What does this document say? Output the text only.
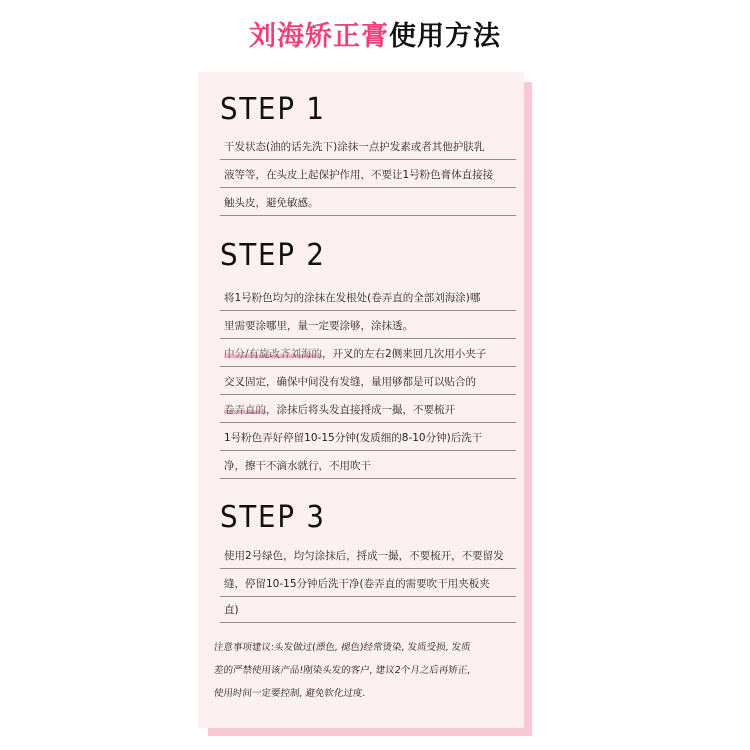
刘海矫正膏使用方法
STEP 1
干发状态(油的话先洗下)涂抹一点护发素或者其他护肤乳
液等等，在头皮上起保护作用，不要让1号粉色膏体直接接
触头皮，避免敏感。
STEP 2
将1号粉色均匀的涂抹在发根处(卷弄直的全部刘海涂)哪
里需要涂哪里，量一定要涂够，涂抹透。
中分/有旋改齐刘海的，开叉的左右2侧来回几次用小夹子
交叉固定，确保中间没有发缝，量用够都是可以贴合的
卷弄直的，涂抹后将头发直接捋成一撮，不要梳开
1号粉色弄好停留10-15分钟(发质细的8-10分钟)后洗干
净，擦干不滴水就行，不用吹干
STEP 3
使用2号绿色，均匀涂抹后，捋成一撮，不要梳开，不要留发
缝，停留10-15分钟后洗干净(卷弄直的需要吹干用夹板夹
直)
注意事项建议:头发做过(漂色, 褪色)经常烫染, 发质受损, 发质
差的严禁使用该产品!刚染头发的客户, 建议2个月之后再矫正,
使用时间一定要控制, 避免软化过度.
